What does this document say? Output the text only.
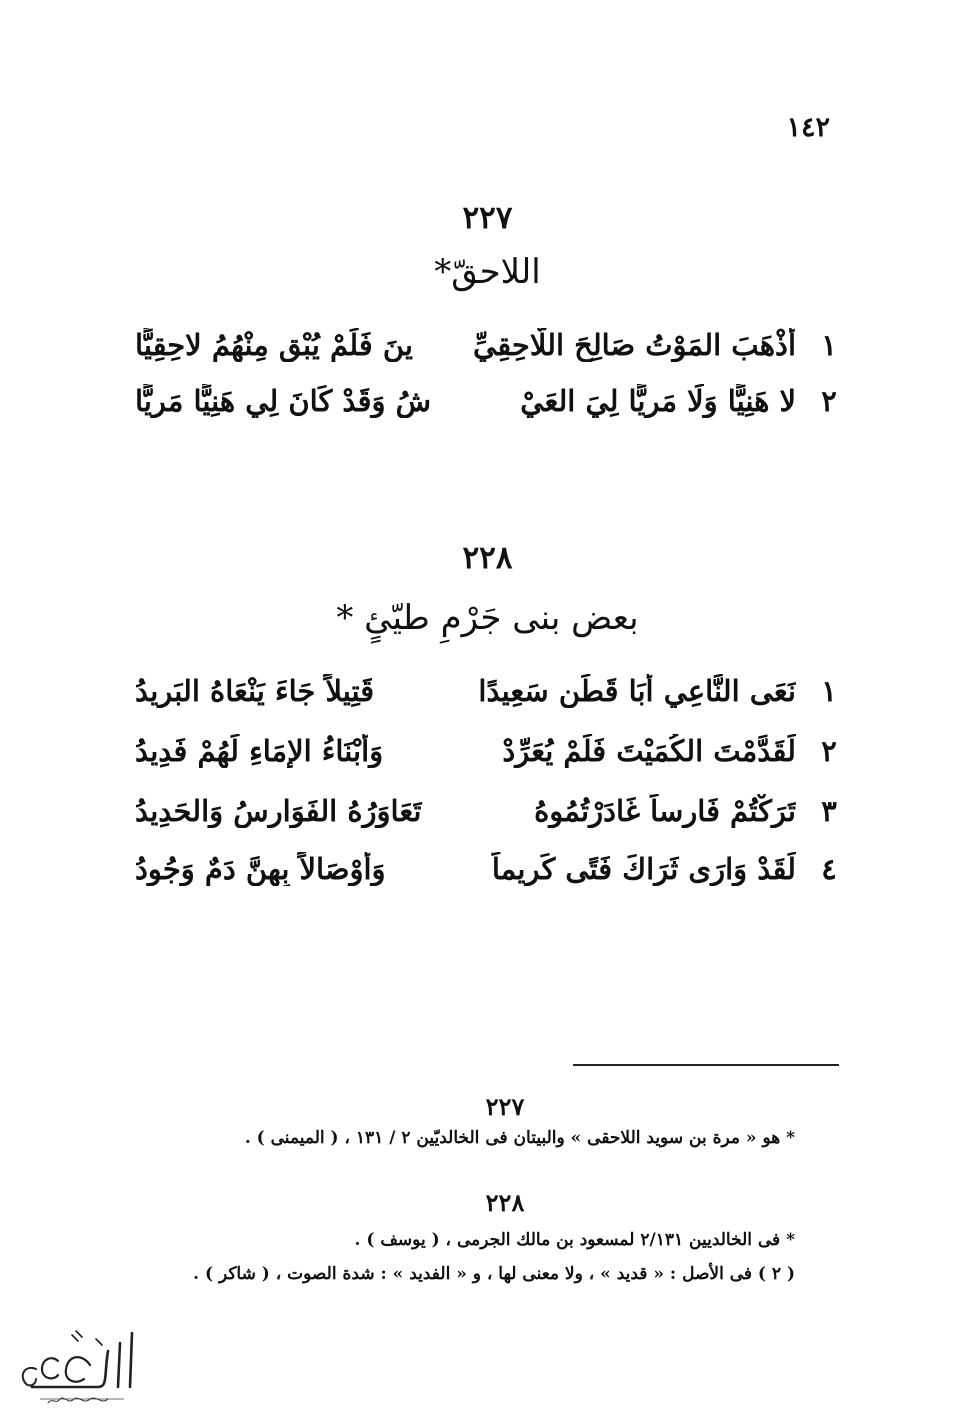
١٤٢
٢٢٧
اللاحقّ*
١
أذْهَبَ المَوْتُ صَالِحَ اللّاحِقِيِّ
ينَ فَلَمْ يُبْقِ مِنْهُمُ لاحِقِيًّا
٢
لا هَنِيًّا وَلَا مَرِيًّا لِيَ العَيْ
شُ وَقَدْ كَانَ لِي هَنِيًّا مَرِيًّا
٢٢٨
بعض بنى جَرْمِ طيّئٍ *
١
نَعَى النَّاعِي أَبَا قَطَنٍ سَعِيدًا
قَتِيلاً جَاءَ يَنْعَاهُ البَرِيدُ
٢
لَقَدَّمْتَ الكُمَيْتَ فَلَمْ يُعَرِّدْ
وَأَبْنَاءُ الإِمَاءِ لَهُمْ فَدِيدُ
٣
تَرَكْتُمْ فَارِساً غَادَرْتُمُوهُ
تَعَاوَرُهُ الفَوَارِسُ وَالحَدِيدُ
٤
لَقَدْ وَارَى ثَرَاكَ فَتًى كَرِيماً
وَأَوْصَالاً بِهِنَّ دَمٌ وَجُودُ
٢٢٧
* هو « مرة بن سويد اللاحقى » والبيتان فى الخالديّين ٢ / ١٣١ ، ( الميمنى ) .
٢٢٨
* فى الخالديين ٢/١٣١ لمسعود بن مالك الجرمى ، ( يوسف ) .
( ٢ ) فى الأصل : « قديد » ، ولا معنى لها ، و « الفديد » : شدة الصوت ، ( شاكر ) .
